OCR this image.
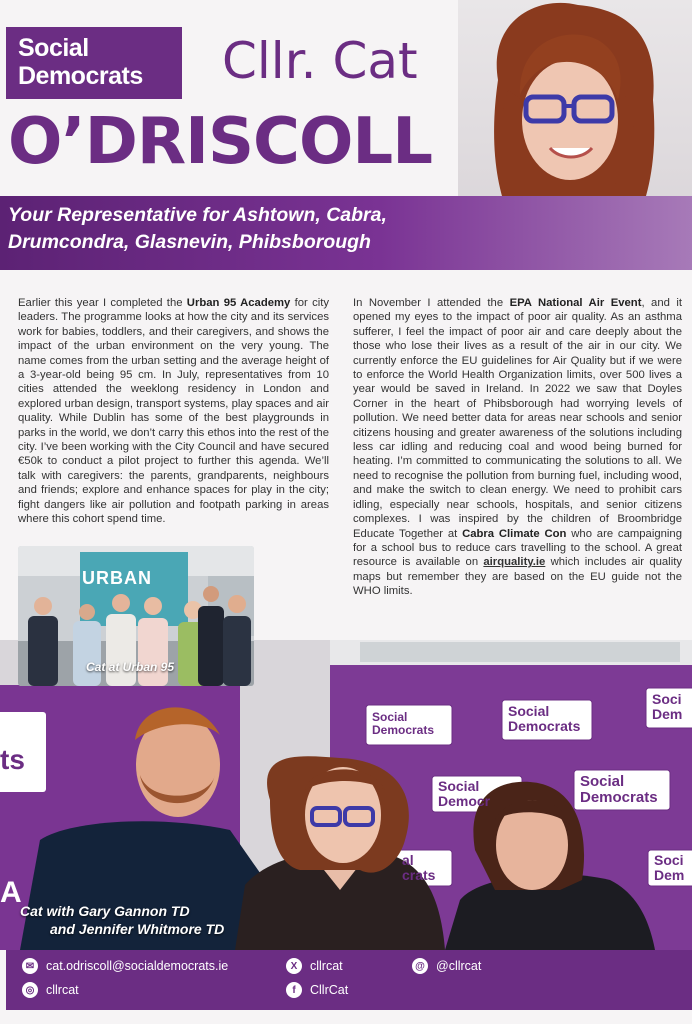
Social
Democrats Cllr. Cat
O’DRISCOLL
Your Representative for Ashtown, Cabra, Drumcondra, Glasnevin, Phibsborough
Earlier this year I completed the Urban 95 Academy for city leaders. The programme looks at how the city and its services work for babies, toddlers, and their caregivers, and shows the impact of the urban environment on the very young. The name comes from the urban setting and the average height of a 3-year-old being 95 cm. In July, representatives from 10 cities attended the weeklong residency in London and explored urban design, transport systems, play spaces and air quality. While Dublin has some of the best playgrounds in parks in the world, we don’t carry this ethos into the rest of the city. I’ve been working with the City Council and have secured €50k to conduct a pilot project to further this agenda. We’ll talk with caregivers: the parents, grandparents, neighbours and friends; explore and enhance spaces for play in the city; fight dangers like air pollution and footpath parking in areas where this cohort spend time.
In November I attended the EPA National Air Event, and it opened my eyes to the impact of poor air quality. As an asthma sufferer, I feel the impact of poor air and care deeply about the those who lose their lives as a result of the air in our city. We currently enforce the EU guidelines for Air Quality but if we were to enforce the World Health Organization limits, over 500 lives a year would be saved in Ireland. In 2022 we saw that Doyles Corner in the heart of Phibsborough had worrying levels of pollution. We need better data for areas near schools and senior citizens housing and greater awareness of the solutions including less car idling and reducing coal and wood being burned for heating. I’m committed to communicating the solutions to all. We need to recognise the pollution from burning fuel, including wood, and make the switch to clean energy. We need to prohibit cars idling, especially near schools, hospitals, and senior citizens complexes. I was inspired by the children of Broombridge Educate Together at Cabra Climate Con who are campaigning for a school bus to reduce cars travelling to the school. A great resource is available on airquality.ie which includes air quality maps but remember they are based on the EU guide not the WHO limits.
Social
Democrats
Social
Democrats
Soci
Dem
Social
Democr
Social
Democrats
al
crats
Soci
Dem
ts
A
Cat with Gary Gannon TD
and Jennifer Whitmore TD
URBAN
Cat at Urban 95
✉ cat.odriscoll@socialdemocrats.ie
◎ cllrcat
X	cllrcat
f	CllrCat
@ @cllrcat
